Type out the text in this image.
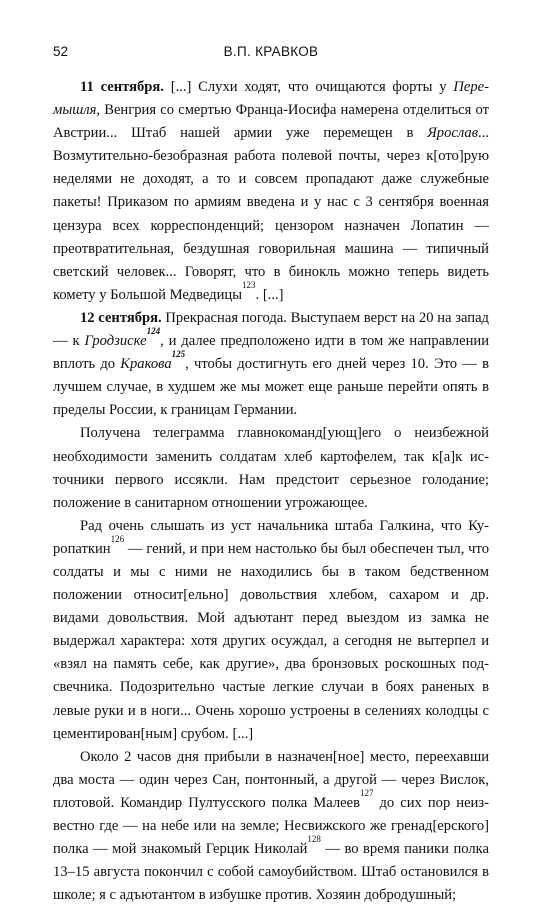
52	В.П. КРАВКОВ

11 сентября. [...] Слухи ходят, что очищаются форты у Перемышля, Венгрия со смертью Франца-Иосифа намерена отделиться от Австрии... Штаб нашей армии уже перемещен в Ярослав... Возмутительно-безобразная работа полевой почты, через к[ото]рую неделями не доходят, а то и совсем пропадают даже служебные пакеты! Приказом по армиям введена и у нас с 3 сентября военная цензура всех корреспонденций; цензором назначен Лопатин — преотвратительная, бездушная говорильная машина — типичный светский человек... Говорят, что в бинокль можно теперь видеть комету у Большой Медведицы$^{123}$. [...]

12 сентября. Прекрасная погода. Выступаем верст на 20 на запад — к Гродзиске$^{124}$, и далее предположено идти в том же направлении вплоть до Кракова$^{125}$, чтобы достигнуть его дней через 10. Это — в лучшем случае, в худшем же мы может еще раньше перейти опять в пределы России, к границам Германии.

Получена телеграмма главнокоманд[ующ]его о неизбежной необходимости заменить солдатам хлеб картофелем, так к[а]к источники первого иссякли. Нам предстоит серьезное голодание; положение в санитарном отношении угрожающее.

Рад очень слышать из уст начальника штаба Галкина, что Куропаткин$^{126}$ — гений, и при нем настолько бы был обеспечен тыл, что солдаты и мы с ними не находились бы в таком бедственном положении относит[ельно] довольствия хлебом, сахаром и др. видами довольствия. Мой адъютант перед выездом из замка не выдержал характера: хотя других осуждал, а сегодня не вытерпел и «взял на память себе, как другие», два бронзовых роскошных подсвечника. Подозрительно частые легкие случаи в боях раненых в левые руки и в ноги... Очень хорошо устроены в селениях колодцы с цементирован[ным] срубом. [...]

Около 2 часов дня прибыли в назначен[ное] место, переехавши два моста — один через Сан, понтонный, а другой — через Вислок, плотовой. Командир Пултусского полка Малеев$^{127}$ до сих пор неизвестно где — на небе или на земле; Несвижского же гренад[ерского] полка — мой знакомый Герцик Николай$^{128}$ — во время паники полка 13–15 августа покончил с собой самоубийством. Штаб остановился в школе; я с адъютантом в избушке против. Хозяин добродушный;
